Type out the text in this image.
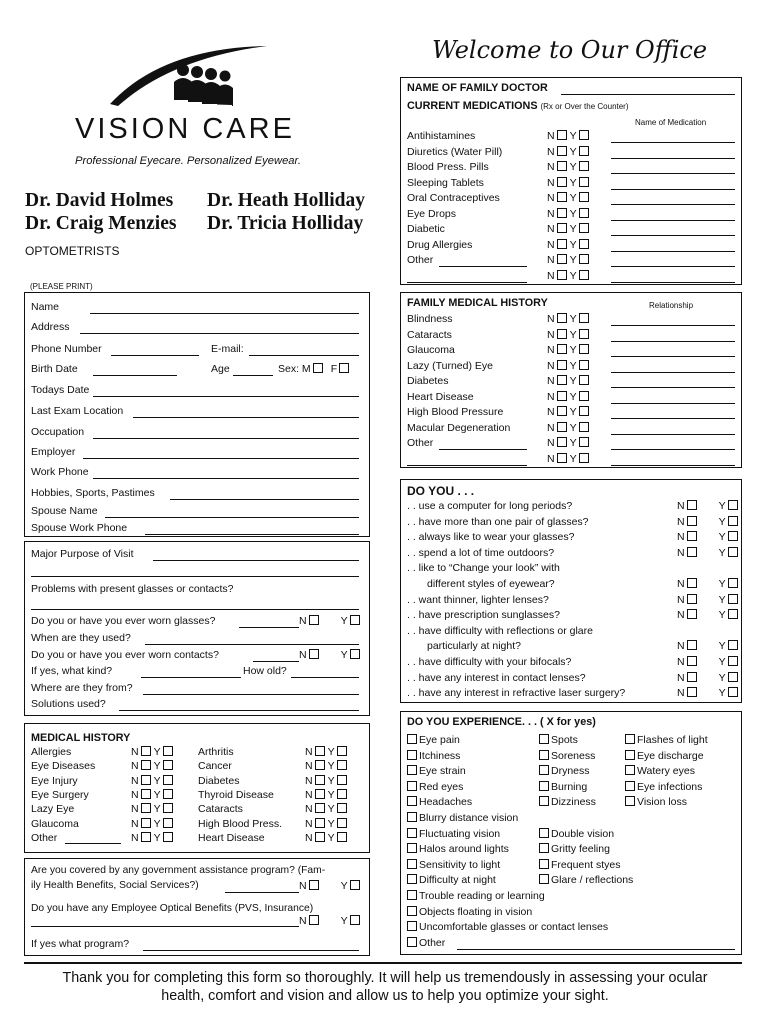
VISION CARE
Professional Eyecare. Personalized Eyewear.
Dr. David Holmes Dr. Heath Holliday
Dr. Craig Menzies Dr. Tricia Holliday
OPTOMETRISTS
(PLEASE PRINT)
Welcome to Our Office
Name
Address
Phone Number	E-mail:
Birth Date	Age	Sex: M F
Todays Date
Last Exam Location
Occupation
Employer
Work Phone
Hobbies, Sports, Pastimes
Spouse Name
Spouse Work Phone
Major Purpose of Visit
Problems with present glasses or contacts?
Do you or have you ever worn glasses?	N	Y
When are they used?
Do you or have you ever worn contacts?	N	Y
If yes, what kind?	How old?
Where are they from?
Solutions used?
MEDICAL HISTORY
Allergies	N Y	Arthritis	N Y
Eye Diseases	N Y	Cancer	N Y
Eye Injury	N Y	Diabetes	N Y
Eye Surgery	N Y	Thyroid Disease	N Y
Lazy Eye	N Y	Cataracts	N Y
Glaucoma	N Y	High Blood Press. N Y
Other	N Y	Heart Disease	N Y
Are you covered by any government assistance program? (Fam-
ily Health Benefits, Social Services?)	N	Y
Do you have any Employee Optical Benefits (PVS, Insurance)
N	Y
If yes what program?
NAME OF FAMILY DOCTOR
CURRENT MEDICATIONS (Rx or Over the Counter)
Name of Medication
Antihistamines	N Y
Diuretics (Water Pill)	N Y
Blood Press. Pills	N Y
Sleeping Tablets	N Y
Oral Contraceptives	N Y
Eye Drops	N Y
Diabetic	N Y
Drug Allergies	N Y
Other	N Y
N Y
FAMILY MEDICAL HISTORY	Relationship
Blindness	N Y
Cataracts	N Y
Glaucoma	N Y
Lazy (Turned) Eye	N Y
Diabetes	N Y
Heart Disease	N Y
High Blood Pressure	N Y
Macular Degeneration	N Y
Other	N Y
N Y
DO YOU . . .
. . use a computer for long periods?	N	Y
. . have more than one pair of glasses?	N	Y
. . always like to wear your glasses?	N	Y
. . spend a lot of time outdoors?	N	Y
. . like to “Change your look” with
different styles of eyewear?	N	Y
. . want thinner, lighter lenses?	N	Y
. . have prescription sunglasses?	N	Y
. . have difficulty with reflections or glare
particularly at night?	N	Y
. . have difficulty with your bifocals?	N	Y
. . have any interest in contact lenses?	N	Y
. . have any interest in refractive laser surgery?	N	Y
DO YOU EXPERIENCE. . . ( X for yes)
Eye pain	Spots	Flashes of light
Itchiness	Soreness	Eye discharge
Eye strain	Dryness	Watery eyes
Red eyes	Burning	Eye infections
Headaches	Dizziness	Vision loss
Blurry distance vision
Fluctuating vision	Double vision
Halos around lights	Gritty feeling
Sensitivity to light	Frequent styes
Difficulty at night	Glare / reflections
Trouble reading or learning
Objects floating in vision
Uncomfortable glasses or contact lenses
Other
Thank you for completing this form so thoroughly. It will help us tremendously in assessing your ocular
health, comfort and vision and allow us to help you optimize your sight.
